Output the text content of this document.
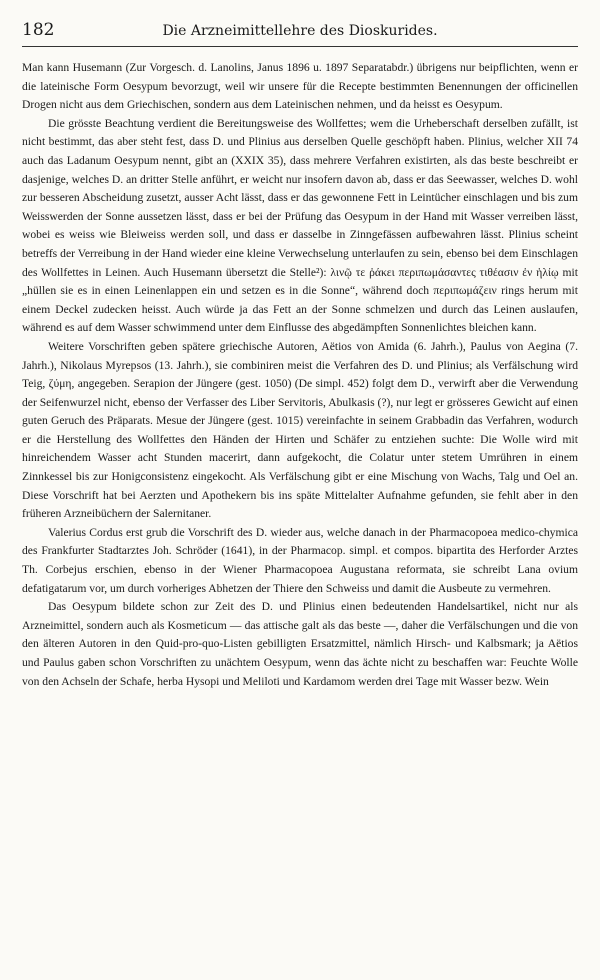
182	Die Arzneimittellehre des Dioskurides.

Man kann Husemann (Zur Vorgesch. d. Lanolins, Janus 1896 u. 1897 Separatabdr.) übrigens nur beipflichten, wenn er die lateinische Form Oesypum bevorzugt, weil wir unsere für die Recepte bestimmten Benennungen der officinellen Drogen nicht aus dem Griechischen, sondern aus dem Lateinischen nehmen, und da heisst es Oesypum.

Die grösste Beachtung verdient die Bereitungsweise des Wollfettes; wem die Urheberschaft derselben zufällt, ist nicht bestimmt, das aber steht fest, dass D. und Plinius aus derselben Quelle geschöpft haben. Plinius, welcher XII 74 auch das Ladanum Oesypum nennt, gibt an (XXIX 35), dass mehrere Verfahren existirten, als das beste beschreibt er dasjenige, welches D. an dritter Stelle anführt, er weicht nur insofern davon ab, dass er das Seewasser, welches D. wohl zur besseren Abscheidung zusetzt, ausser Acht lässt, dass er das gewonnene Fett in Leintücher einschlagen und bis zum Weisswerden der Sonne aussetzen lässt, dass er bei der Prüfung das Oesypum in der Hand mit Wasser verreiben lässt, wobei es weiss wie Bleiweiss werden soll, und dass er dasselbe in Zinngefässen aufbewahren lässt. Plinius scheint betreffs der Verreibung in der Hand wieder eine kleine Verwechselung unterlaufen zu sein, ebenso bei dem Einschlagen des Wollfettes in Leinen. Auch Husemann übersetzt die Stelle²): λινῷ τε ῥάκει περιπωμάσαντες τιθέασιν ἐν ἡλίῳ mit „hüllen sie es in einen Leinenlappen ein und setzen es in die Sonne“, während doch περιπωμάζειν rings herum mit einem Deckel zudecken heisst. Auch würde ja das Fett an der Sonne schmelzen und durch das Leinen auslaufen, während es auf dem Wasser schwimmend unter dem Einflusse des abgedämpften Sonnenlichtes bleichen kann.

Weitere Vorschriften geben spätere griechische Autoren, Aëtios von Amida (6. Jahrh.), Paulus von Aegina (7. Jahrh.), Nikolaus Myrepsos (13. Jahrh.), sie combiniren meist die Verfahren des D. und Plinius; als Verfälschung wird Teig, ζύμη, angegeben. Serapion der Jüngere (gest. 1050) (De simpl. 452) folgt dem D., verwirft aber die Verwendung der Seifenwurzel nicht, ebenso der Verfasser des Liber Servitoris, Abulkasis (?), nur legt er grösseres Gewicht auf einen guten Geruch des Präparats. Mesue der Jüngere (gest. 1015) vereinfachte in seinem Grabbadin das Verfahren, wodurch er die Herstellung des Wollfettes den Händen der Hirten und Schäfer zu entziehen suchte: Die Wolle wird mit hinreichendem Wasser acht Stunden macerirt, dann aufgekocht, die Colatur unter stetem Umrühren in einem Zinnkessel bis zur Honigconsistenz eingekocht. Als Verfälschung gibt er eine Mischung von Wachs, Talg und Oel an. Diese Vorschrift hat bei Aerzten und Apothekern bis ins späte Mittelalter Aufnahme gefunden, sie fehlt aber in den früheren Arzneibüchern der Salernitaner.

Valerius Cordus erst grub die Vorschrift des D. wieder aus, welche danach in der Pharmacopoea medico-chymica des Frankfurter Stadtarztes Joh. Schröder (1641), in der Pharmacop. simpl. et compos. bipartita des Herforder Arztes Th. Corbejus erschien, ebenso in der Wiener Pharmacopoea Augustana reformata, sie schreibt Lana ovium defatigatarum vor, um durch vorheriges Abhetzen der Thiere den Schweiss und damit die Ausbeute zu vermehren.

Das Oesypum bildete schon zur Zeit des D. und Plinius einen bedeutenden Handelsartikel, nicht nur als Arzneimittel, sondern auch als Kosmeticum — das attische galt als das beste —, daher die Verfälschungen und die von den älteren Autoren in den Quid-pro-quo-Listen gebilligten Ersatzmittel, nämlich Hirsch- und Kalbsmark; ja Aëtios und Paulus gaben schon Vorschriften zu unächtem Oesypum, wenn das ächte nicht zu beschaffen war: Feuchte Wolle von den Achseln der Schafe, herba Hysopi und Meliloti und Kardamom werden drei Tage mit Wasser bezw. Wein
